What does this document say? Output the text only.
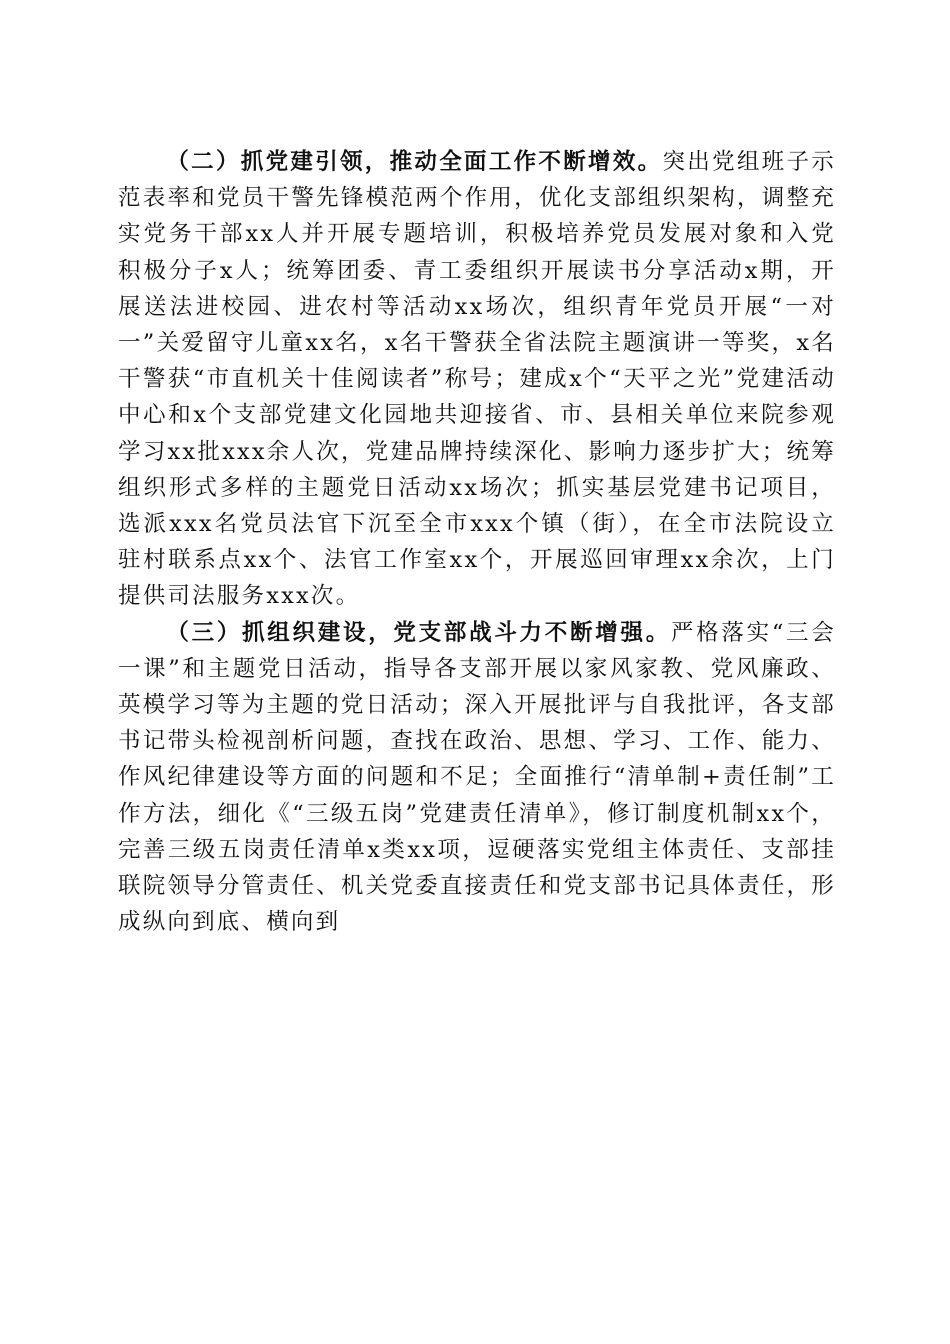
（二）抓党建引领，推动全面工作不断增效。突出党组班子示范表率和党员干警先锋模范两个作用，优化支部组织架构，调整充实党务干部xx人并开展专题培训，积极培养党员发展对象和入党积极分子x人；统筹团委、青工委组织开展读书分享活动x期，开展送法进校园、进农村等活动xx场次，组织青年党员开展“一对一”关爱留守儿童xx名，x名干警获全省法院主题演讲一等奖，x名干警获“市直机关十佳阅读者”称号；建成x个“天平之光”党建活动中心和x个支部党建文化园地共迎接省、市、县相关单位来院参观学习xx批xxx余人次，党建品牌持续深化、影响力逐步扩大；统筹组织形式多样的主题党日活动xx场次；抓实基层党建书记项目，选派xxx名党员法官下沉至全市xxx个镇（街），在全市法院设立驻村联系点xx个、法官工作室xx个，开展巡回审理xx余次，上门提供司法服务xxx次。

（三）抓组织建设，党支部战斗力不断增强。严格落实“三会一课”和主题党日活动，指导各支部开展以家风家教、党风廉政、英模学习等为主题的党日活动；深入开展批评与自我批评，各支部书记带头检视剖析问题，查找在政治、思想、学习、工作、能力、作风纪律建设等方面的问题和不足；全面推行“清单制+责任制”工作方法，细化《“三级五岗”党建责任清单》，修订制度机制xx个，完善三级五岗责任清单x类xx项，逗硬落实党组主体责任、支部挂联院领导分管责任、机关党委直接责任和党支部书记具体责任，形成纵向到底、横向到
